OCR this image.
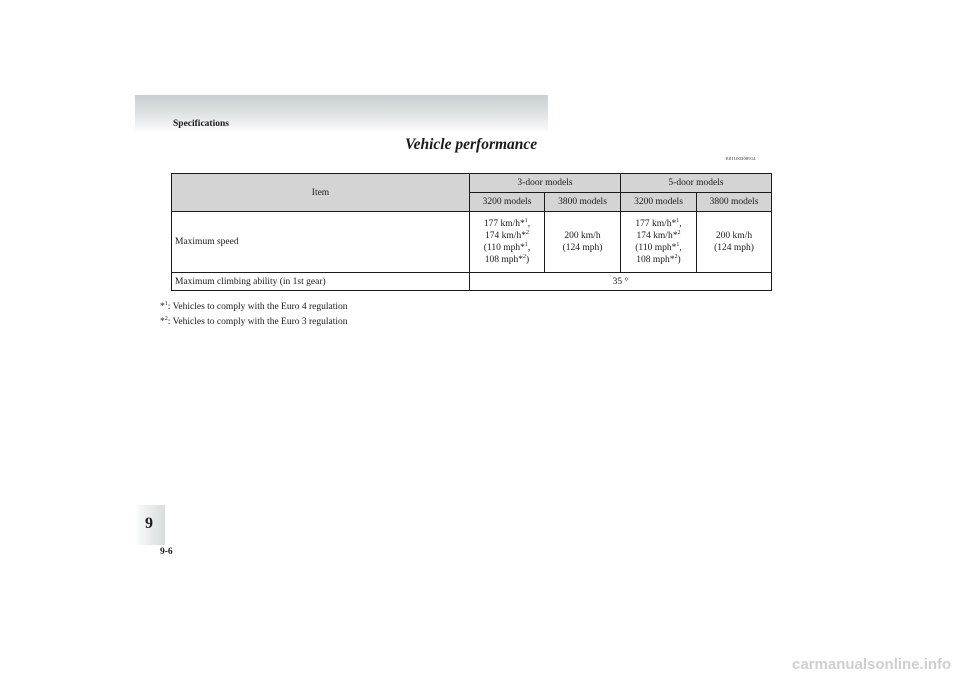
Specifications
Vehicle performance
E01100300914
Item	3-door models		5-door models	
	3200 models	3800 models	3200 models	3800 models
Maximum speed	177 km/h*$^1$,
174 km/h*$^2$
(110 mph*$^1$,
108 mph*$^2$)	200 km/h
(124 mph)	177 km/h*$^1$,
174 km/h*$^2$
(110 mph*$^1$,
108 mph*$^2$)	200 km/h
(124 mph)
Maximum climbing ability (in 1st gear)	35 °			
*$^1$: Vehicles to comply with the Euro 4 regulation
*$^2$: Vehicles to comply with the Euro 3 regulation
9
9-6
carmanualsonline.info
